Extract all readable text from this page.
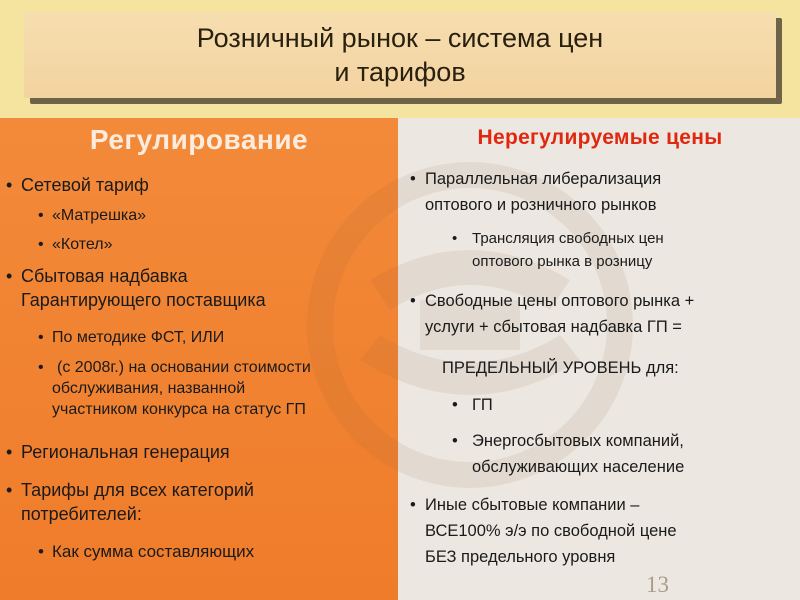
Розничный рынок – система цен
и тарифов
Регулирование
• Сетевой тариф
• «Матрешка»
• «Котел»
• Сбытовая надбавка
Гарантирующего поставщика
• По методике ФСТ, ИЛИ
• (с 2008г.) на основании стоимости
обслуживания, названной
участником конкурса на статус ГП
• Региональная генерация
• Тарифы для всех категорий
потребителей:
• Как сумма составляющих
Нерегулируемые цены
• Параллельная либерализация
оптового и розничного рынков
• Трансляция свободных цен
оптового рынка в розницу
• Свободные цены оптового рынка +
услуги + сбытовая надбавка ГП =
ПРЕДЕЛЬНЫЙ УРОВЕНЬ для:
• ГП
• Энергосбытовых компаний,
обслуживающих население
• Иные сбытовые компании –
ВСЕ100% э/э по свободной цене
БЕЗ предельного уровня
13
